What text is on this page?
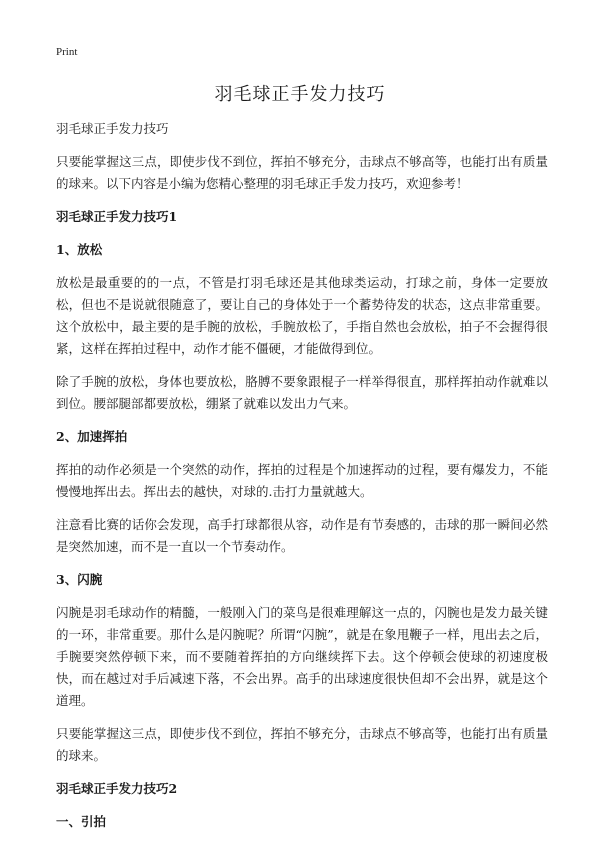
Print
羽毛球正手发力技巧

羽毛球正手发力技巧

只要能掌握这三点，即使步伐不到位，挥拍不够充分，击球点不够高等，也能打出有质量的球来。以下内容是小编为您精心整理的羽毛球正手发力技巧，欢迎参考！

羽毛球正手发力技巧1
1、放松

放松是最重要的的一点，不管是打羽毛球还是其他球类运动，打球之前，身体一定要放松，但也不是说就很随意了，要让自己的身体处于一个蓄势待发的状态，这点非常重要。这个放松中，最主要的是手腕的放松，手腕放松了，手指自然也会放松，拍子不会握得很紧，这样在挥拍过程中，动作才能不僵硬，才能做得到位。

除了手腕的放松，身体也要放松，胳膊不要象跟棍子一样举得很直，那样挥拍动作就难以到位。腰部腿部都要放松，绷紧了就难以发出力气来。

2、加速挥拍

挥拍的动作必须是一个突然的动作，挥拍的过程是个加速挥动的过程，要有爆发力，不能慢慢地挥出去。挥出去的越快，对球的.击打力量就越大。

注意看比赛的话你会发现，高手打球都很从容，动作是有节奏感的，击球的那一瞬间必然是突然加速，而不是一直以一个节奏动作。

3、闪腕

闪腕是羽毛球动作的精髓，一般刚入门的菜鸟是很难理解这一点的，闪腕也是发力最关键的一环，非常重要。那什么是闪腕呢？所谓“闪腕”，就是在象甩鞭子一样，甩出去之后，手腕要突然停顿下来，而不要随着挥拍的方向继续挥下去。这个停顿会使球的初速度极快，而在越过对手后减速下落，不会出界。高手的出球速度很快但却不会出界，就是这个道理。

只要能掌握这三点，即使步伐不到位，挥拍不够充分，击球点不够高等，也能打出有质量的球来。

羽毛球正手发力技巧2
一、引拍
